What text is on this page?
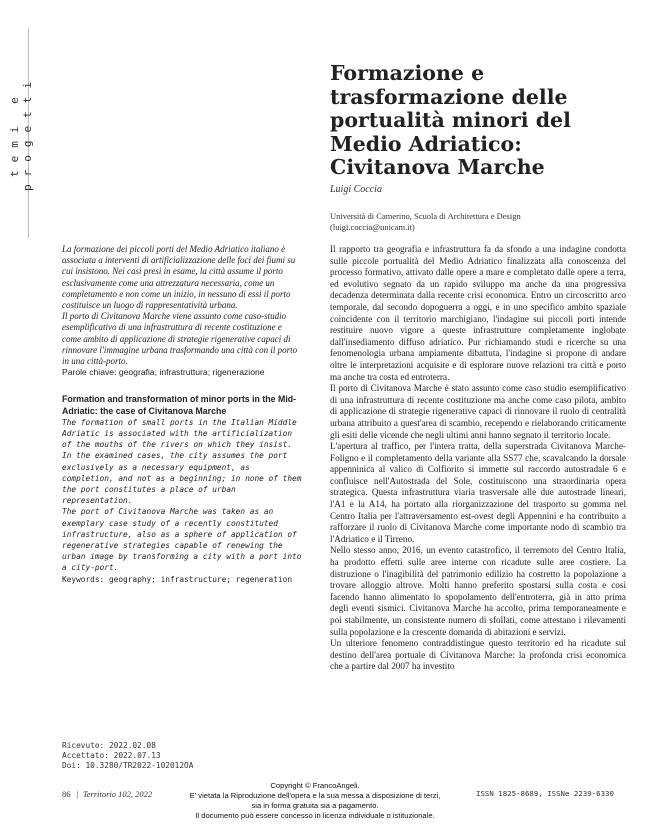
temi e progetti
Formazione e trasformazione delle portualità minori del Medio Adriatico: Civitanova Marche
Luigi Coccia
Università di Camerino, Scuola di Architettura e Design
(luigi.coccia@unicam.it)

La formazione dei piccoli porti del Medio Adriatico italiano è associata a interventi di artificializzazione delle foci dei fiumi su cui insistono. Nei casi presi in esame, la città assume il porto esclusivamente come una attrezzatura necessaria, come un completamento e non come un inizio, in nessuno di essi il porto costituisce un luogo di rappresentatività urbana.

Il porto di Civitanova Marche viene assunto come caso-studio esemplificativo di una infrastruttura di recente costituzione e come ambito di applicazione di strategie rigenerative capaci di rinnovare l'immagine urbana trasformando una città con il porto in una città-porto.

Parole chiave: geografia; infrastruttura; rigenerazione

Formation and transformation of minor ports in the Mid-Adriatic: the case of Civitanova Marche

The formation of small ports in the Italian Middle Adriatic is associated with the artificialization of the mouths of the rivers on which they insist. In the examined cases, the city assumes the port exclusively as a necessary equipment, as completion, and not as a beginning; in none of them the port constitutes a place of urban representation.

The port of Civitanova Marche was taken as an exemplary case study of a recently constituted infrastructure, also as a sphere of application of regenerative strategies capable of renewing the urban image by transforming a city with a port into a city-port.

Keywords: geography; infrastructure; regeneration

Il rapporto tra geografia e infrastruttura fa da sfondo a una indagine condotta sulle piccole portualità del Medio Adriatico finalizzata alla conoscenza del processo formativo, attivato dalle opere a mare e completato dalle opere a terra, ed evolutivo segnato da un rapido sviluppo ma anche da una progressiva decadenza determinata dalla recente crisi economica. Entro un circoscritto arco temporale, dal secondo dopoguerra a oggi, e in uno specifico ambito spaziale coincidente con il territorio marchigiano, l'indagine sui piccoli porti intende restituire nuovo vigore a queste infrastrutture completamente inglobate dall'insediamento diffuso adriatico. Pur richiamando studi e ricerche su una fenomenologia urbana ampiamente dibattuta, l'indagine si propone di andare oltre le interpretazioni acquisite e di esplorare nuove relazioni tra città e porto ma anche tra costa ed entroterra.

Il porto di Civitanova Marche è stato assunto come caso studio esemplificativo di una infrastruttura di recente costituzione ma anche come caso pilota, ambito di applicazione di strategie rigenerative capaci di rinnovare il ruolo di centralità urbana attribuito a quest'area di scambio, recependo e rielaborando criticamente gli esiti delle vicende che negli ultimi anni hanno segnato il territorio locale.

L'apertura al traffico, per l'intera tratta, della superstrada Civitanova Marche-Foligno e il completamento della variante alla SS77 che, scavalcando la dorsale appenninica al valico di Colfiorito si immette sul raccordo autostradale 6 e confluisce nell'Autostrada del Sole, costituiscono una straordinaria opera strategica. Questa infrastruttura viaria trasversale alle due autostrade lineari, l'A1 e la A14, ha portato alla riorganizzazione del trasporto su gomma nel Centro Italia per l'attraversamento est-ovest degli Appennini e ha contribuito a rafforzare il ruolo di Civitanova Marche come importante nodo di scambio tra l'Adriatico e il Tirreno.

Nello stesso anno, 2016, un evento catastrofico, il terremoto del Centro Italia, ha prodotto effetti sulle aree interne con ricadute sulle aree costiere. La distruzione o l'inagibilità del patrimonio edilizio ha costretto la popolazione a trovare alloggio altrove. Molti hanno preferito spostarsi sulla costa e così facendo hanno alimentato lo spopolamento dell'entroterra, già in atto prima degli eventi sismici. Civitanova Marche ha accolto, prima temporaneamente e poi stabilmente, un consistente numero di sfollati, come attestano i rilevamenti sulla popolazione e la crescente domanda di abitazioni e servizi.

Un ulteriore fenomeno contraddistingue questo territorio ed ha ricadute sul destino dell'area portuale di Civitanova Marche: la profonda crisi economica che a partire dal 2007 ha investito

Ricevuto: 2022.02.08
Accettato: 2022.07.13
Doi: 10.3280/TR2022-102012OA
86   |  Territorio 102, 2022
Copyright © FrancoAngeli.
E' vietata la Riproduzione dell'opera e la sua messa a disposizione di terzi,
sia in forma gratuita sia a pagamento.
Il documento può essere concesso in licenza individuale o istituzionale.
ISSN 1825-8689, ISSNe 2239-6330
